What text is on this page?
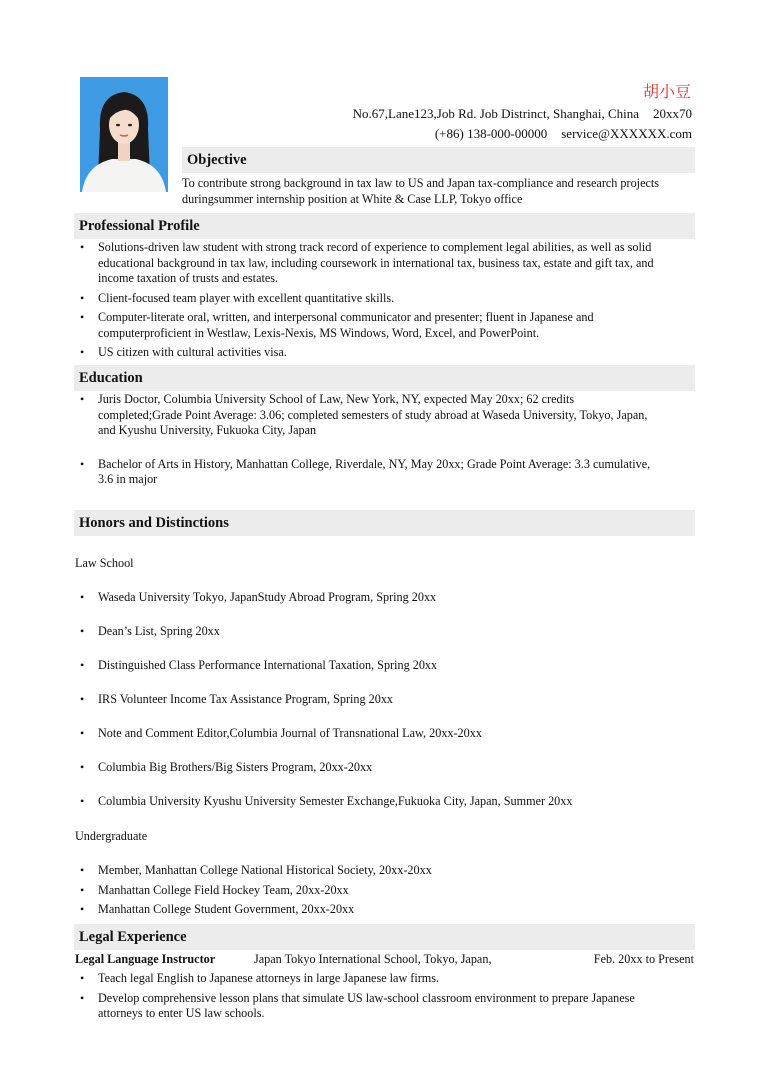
胡小豆
No.67,Lane123,Job Rd. Job Distrinct, Shanghai, China 20xx70
(+86) 138-000-00000 service@XXXXXX.com
Objective
To contribute strong background in tax law to US and Japan tax-compliance and research projects
duringsummer internship position at White & Case LLP, Tokyo office
Professional Profile
• Solutions-driven law student with strong track record of experience to complement legal abilities, as well as solid
educational background in tax law, including coursework in international tax, business tax, estate and gift tax, and
income taxation of trusts and estates.
• Client-focused team player with excellent quantitative skills.
• Computer-literate oral, written, and interpersonal communicator and presenter; fluent in Japanese and
computerproficient in Westlaw, Lexis-Nexis, MS Windows, Word, Excel, and PowerPoint.
• US citizen with cultural activities visa.
Education
• Juris Doctor, Columbia University School of Law, New York, NY, expected May 20xx; 62 credits
completed;Grade Point Average: 3.06; completed semesters of study abroad at Waseda University, Tokyo, Japan,
and Kyushu University, Fukuoka City, Japan
• Bachelor of Arts in History, Manhattan College, Riverdale, NY, May 20xx; Grade Point Average: 3.3 cumulative,
3.6 in major
Honors and Distinctions
Law School
• Waseda University Tokyo, JapanStudy Abroad Program, Spring 20xx
• Dean’s List, Spring 20xx
• Distinguished Class Performance International Taxation, Spring 20xx
• IRS Volunteer Income Tax Assistance Program, Spring 20xx
• Note and Comment Editor,Columbia Journal of Transnational Law, 20xx-20xx
• Columbia Big Brothers/Big Sisters Program, 20xx-20xx
• Columbia University Kyushu University Semester Exchange,Fukuoka City, Japan, Summer 20xx
Undergraduate
• Member, Manhattan College National Historical Society, 20xx-20xx
• Manhattan College Field Hockey Team, 20xx-20xx
• Manhattan College Student Government, 20xx-20xx
Legal Experience
Legal Language Instructor	Japan Tokyo International School, Tokyo, Japan,	Feb. 20xx to Present
• Teach legal English to Japanese attorneys in large Japanese law firms.
• Develop comprehensive lesson plans that simulate US law-school classroom environment to prepare Japanese
attorneys to enter US law schools.
